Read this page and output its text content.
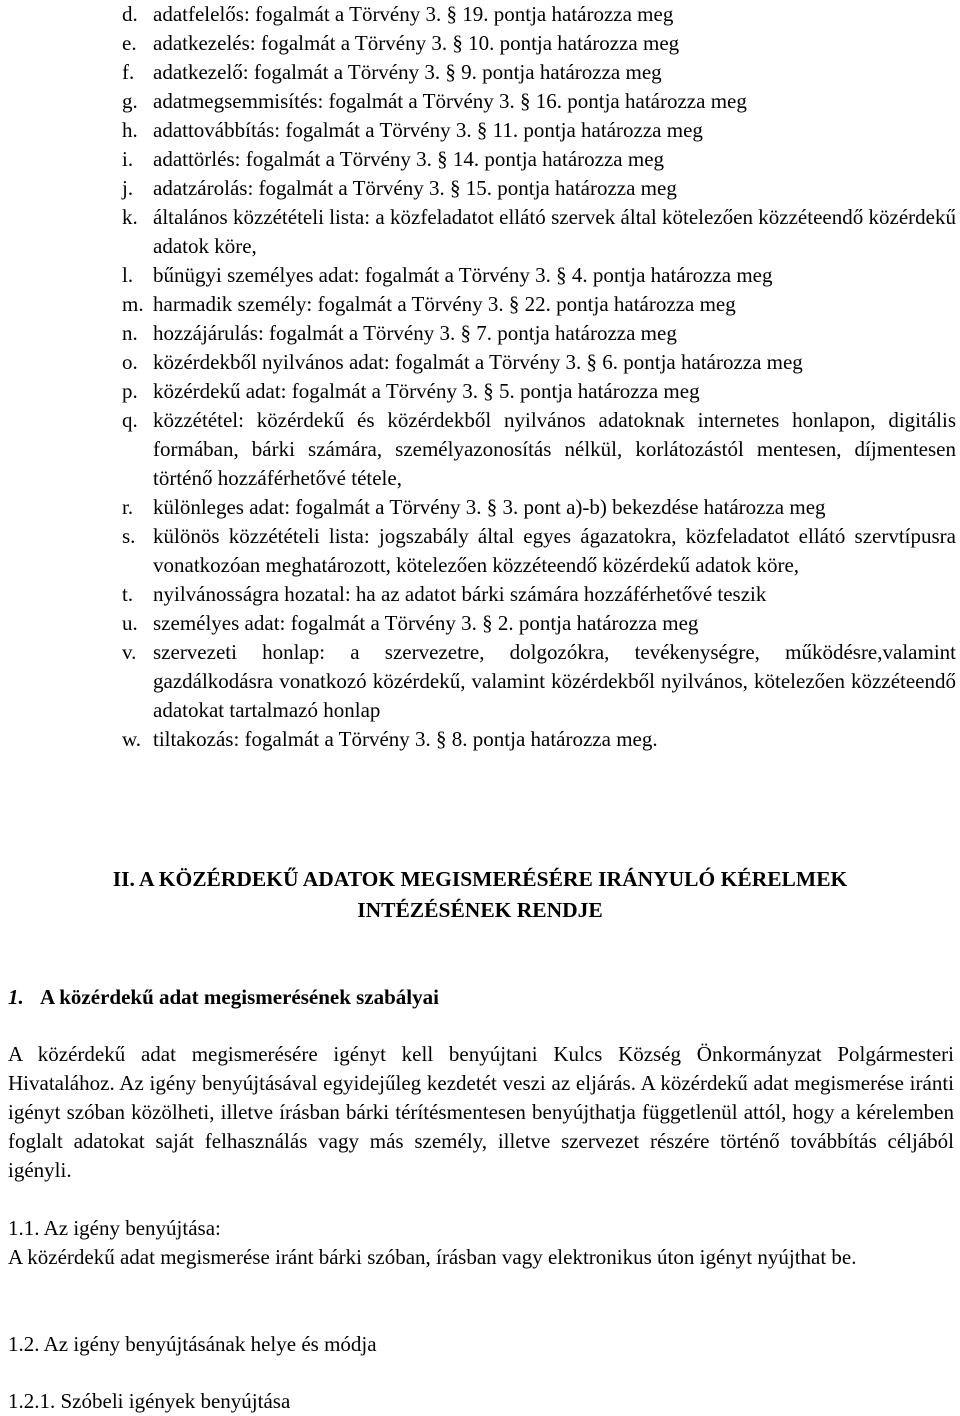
d. adatfelelős: fogalmát a Törvény 3. § 19. pontja határozza meg
e. adatkezelés: fogalmát a Törvény 3. § 10. pontja határozza meg
f. adatkezelő: fogalmát a Törvény 3. § 9. pontja határozza meg
g. adatmegsemmisítés: fogalmát a Törvény 3. § 16. pontja határozza meg
h. adattovábbítás: fogalmát a Törvény 3. § 11. pontja határozza meg
i. adattörlés: fogalmát a Törvény 3. § 14. pontja határozza meg
j. adatzárolás: fogalmát a Törvény 3. § 15. pontja határozza meg
k. általános közzétételi lista: a közfeladatot ellátó szervek által kötelezően közzéteendő közérdekű adatok köre,
l. bűnügyi személyes adat: fogalmát a Törvény 3. § 4. pontja határozza meg
m. harmadik személy: fogalmát a Törvény 3. § 22. pontja határozza meg
n. hozzájárulás: fogalmát a Törvény 3. § 7. pontja határozza meg
o. közérdekből nyilvános adat: fogalmát a Törvény 3. § 6. pontja határozza meg
p. közérdekű adat: fogalmát a Törvény 3. § 5. pontja határozza meg
q. közzététel: közérdekű és közérdekből nyilvános adatoknak internetes honlapon, digitális formában, bárki számára, személyazonosítás nélkül, korlátozástól mentesen, díjmentesen történő hozzáférhetővé tétele,
r. különleges adat: fogalmát a Törvény 3. § 3. pont a)-b) bekezdése határozza meg
s. különös közzétételi lista: jogszabály által egyes ágazatokra, közfeladatot ellátó szervtípusra vonatkozóan meghatározott, kötelezően közzéteendő közérdekű adatok köre,
t. nyilvánosságra hozatal: ha az adatot bárki számára hozzáférhetővé teszik
u. személyes adat: fogalmát a Törvény 3. § 2. pontja határozza meg
v. szervezeti honlap: a szervezetre, dolgozókra, tevékenységre, működésre,valamint gazdálkodásra vonatkozó közérdekű, valamint közérdekből nyilvános, kötelezően közzéteendő adatokat tartalmazó honlap
w. tiltakozás: fogalmát a Törvény 3. § 8. pontja határozza meg.
II. A KÖZÉRDEKŰ ADATOK MEGISMERÉSÉRE IRÁNYULÓ KÉRELMEK
INTÉZÉSÉNEK RENDJE
1. A közérdekű adat megismerésének szabályai

A közérdekű adat megismerésére igényt kell benyújtani Kulcs Község Önkormányzat Polgármesteri Hivatalához. Az igény benyújtásával egyidejűleg kezdetét veszi az eljárás. A közérdekű adat megismerése iránti igényt szóban közölheti, illetve írásban bárki térítésmentesen benyújthatja függetlenül attól, hogy a kérelemben foglalt adatokat saját felhasználás vagy más személy, illetve szervezet részére történő továbbítás céljából igényli.

1.1. Az igény benyújtása:

A közérdekű adat megismerése iránt bárki szóban, írásban vagy elektronikus úton igényt nyújthat be.

1.2. Az igény benyújtásának helye és módja

1.2.1. Szóbeli igények benyújtása
